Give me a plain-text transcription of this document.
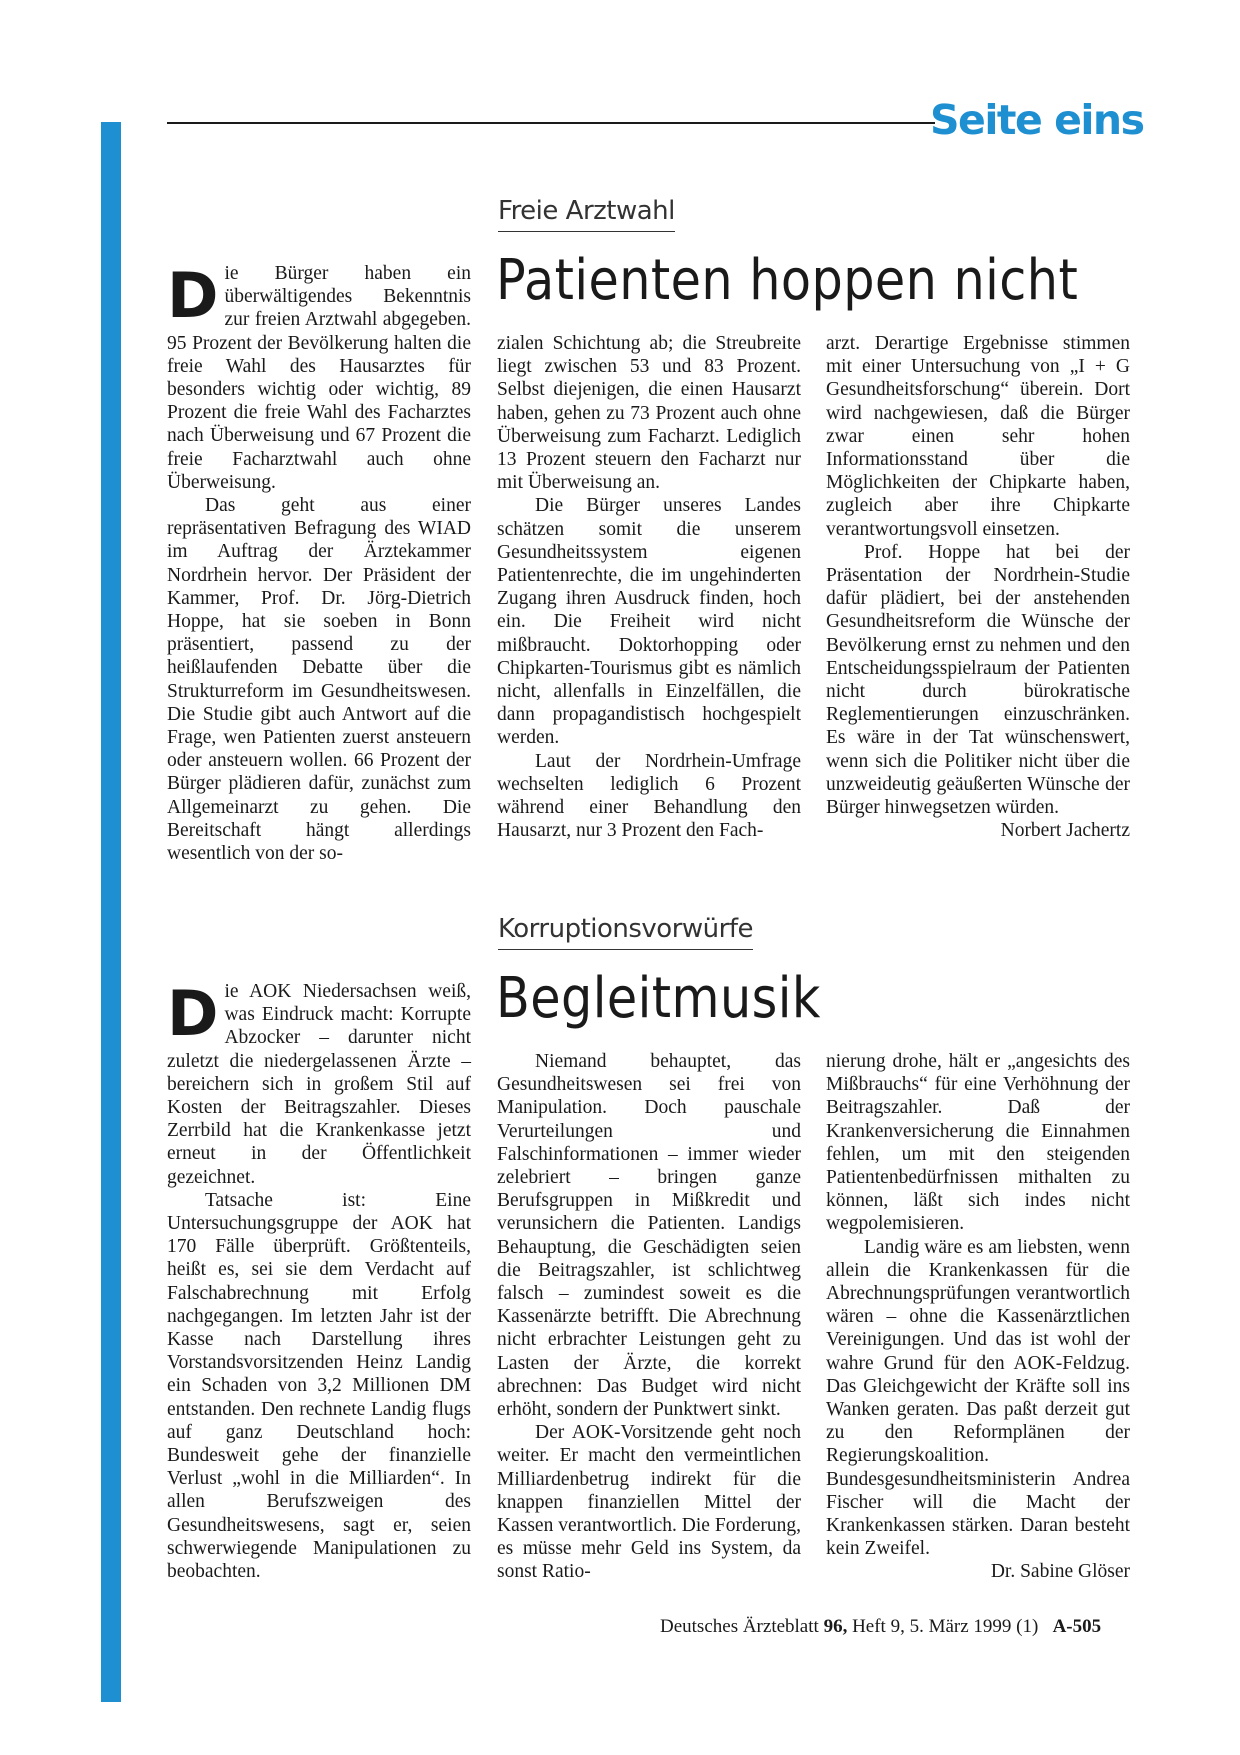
Seite eins
Freie Arztwahl
Patienten hoppen nicht

Die Bürger haben ein überwältigendes Bekenntnis zur freien Arztwahl abgegeben. 95 Prozent der Bevölkerung halten die freie Wahl des Hausarztes für besonders wichtig oder wichtig, 89 Prozent die freie Wahl des Facharztes nach Überweisung und 67 Prozent die freie Facharztwahl auch ohne Überweisung.

Das geht aus einer repräsentativen Befragung des WIAD im Auftrag der Ärztekammer Nordrhein hervor. Der Präsident der Kammer, Prof. Dr. Jörg-Dietrich Hoppe, hat sie soeben in Bonn präsentiert, passend zu der heißlaufenden Debatte über die Strukturreform im Gesundheitswesen. Die Studie gibt auch Antwort auf die Frage, wen Patienten zuerst ansteuern oder ansteuern wollen. 66 Prozent der Bürger plädieren dafür, zunächst zum Allgemeinarzt zu gehen. Die Bereitschaft hängt allerdings wesentlich von der so-

zialen Schichtung ab; die Streubreite liegt zwischen 53 und 83 Prozent. Selbst diejenigen, die einen Hausarzt haben, gehen zu 73 Prozent auch ohne Überweisung zum Facharzt. Lediglich 13 Prozent steuern den Facharzt nur mit Überweisung an.

Die Bürger unseres Landes schätzen somit die unserem Gesundheitssystem eigenen Patientenrechte, die im ungehinderten Zugang ihren Ausdruck finden, hoch ein. Die Freiheit wird nicht mißbraucht. Doktorhopping oder Chipkarten-Tourismus gibt es nämlich nicht, allenfalls in Einzelfällen, die dann propagandistisch hochgespielt werden.

Laut der Nordrhein-Umfrage wechselten lediglich 6 Prozent während einer Behandlung den Hausarzt, nur 3 Prozent den Fach-

arzt. Derartige Ergebnisse stimmen mit einer Untersuchung von „I + G Gesundheitsforschung“ überein. Dort wird nachgewiesen, daß die Bürger zwar einen sehr hohen Informationsstand über die Möglichkeiten der Chipkarte haben, zugleich aber ihre Chipkarte verantwortungsvoll einsetzen.

Prof. Hoppe hat bei der Präsentation der Nordrhein-Studie dafür plädiert, bei der anstehenden Gesundheitsreform die Wünsche der Bevölkerung ernst zu nehmen und den Entscheidungsspielraum der Patienten nicht durch bürokratische Reglementierungen einzuschränken. Es wäre in der Tat wünschenswert, wenn sich die Politiker nicht über die unzweideutig geäußerten Wünsche der Bürger hinwegsetzen würden.

Norbert Jachertz

Korruptionsvorwürfe
Begleitmusik

Die AOK Niedersachsen weiß, was Eindruck macht: Korrupte Abzocker – darunter nicht zuletzt die niedergelassenen Ärzte – bereichern sich in großem Stil auf Kosten der Beitragszahler. Dieses Zerrbild hat die Krankenkasse jetzt erneut in der Öffentlichkeit gezeichnet.

Tatsache ist: Eine Untersuchungsgruppe der AOK hat 170 Fälle überprüft. Größtenteils, heißt es, sei sie dem Verdacht auf Falschabrechnung mit Erfolg nachgegangen. Im letzten Jahr ist der Kasse nach Darstellung ihres Vorstandsvorsitzenden Heinz Landig ein Schaden von 3,2 Millionen DM entstanden. Den rechnete Landig flugs auf ganz Deutschland hoch: Bundesweit gehe der finanzielle Verlust „wohl in die Milliarden“. In allen Berufszweigen des Gesundheitswesens, sagt er, seien schwerwiegende Manipulationen zu beobachten.

Niemand behauptet, das Gesundheitswesen sei frei von Manipulation. Doch pauschale Verurteilungen und Falschinformationen – immer wieder zelebriert – bringen ganze Berufsgruppen in Mißkredit und verunsichern die Patienten. Landigs Behauptung, die Geschädigten seien die Beitragszahler, ist schlichtweg falsch – zumindest soweit es die Kassenärzte betrifft. Die Abrechnung nicht erbrachter Leistungen geht zu Lasten der Ärzte, die korrekt abrechnen: Das Budget wird nicht erhöht, sondern der Punktwert sinkt.

Der AOK-Vorsitzende geht noch weiter. Er macht den vermeintlichen Milliardenbetrug indirekt für die knappen finanziellen Mittel der Kassen verantwortlich. Die Forderung, es müsse mehr Geld ins System, da sonst Ratio-

nierung drohe, hält er „angesichts des Mißbrauchs“ für eine Verhöhnung der Beitragszahler. Daß der Krankenversicherung die Einnahmen fehlen, um mit den steigenden Patientenbedürfnissen mithalten zu können, läßt sich indes nicht wegpolemisieren.

Landig wäre es am liebsten, wenn allein die Krankenkassen für die Abrechnungsprüfungen verantwortlich wären – ohne die Kassenärztlichen Vereinigungen. Und das ist wohl der wahre Grund für den AOK-Feldzug. Das Gleichgewicht der Kräfte soll ins Wanken geraten. Das paßt derzeit gut zu den Reformplänen der Regierungskoalition. Bundesgesundheitsministerin Andrea Fischer will die Macht der Krankenkassen stärken. Daran besteht kein Zweifel.

Dr. Sabine Glöser

Deutsches Ärzteblatt 96, Heft 9, 5. März 1999 (1) A-505
